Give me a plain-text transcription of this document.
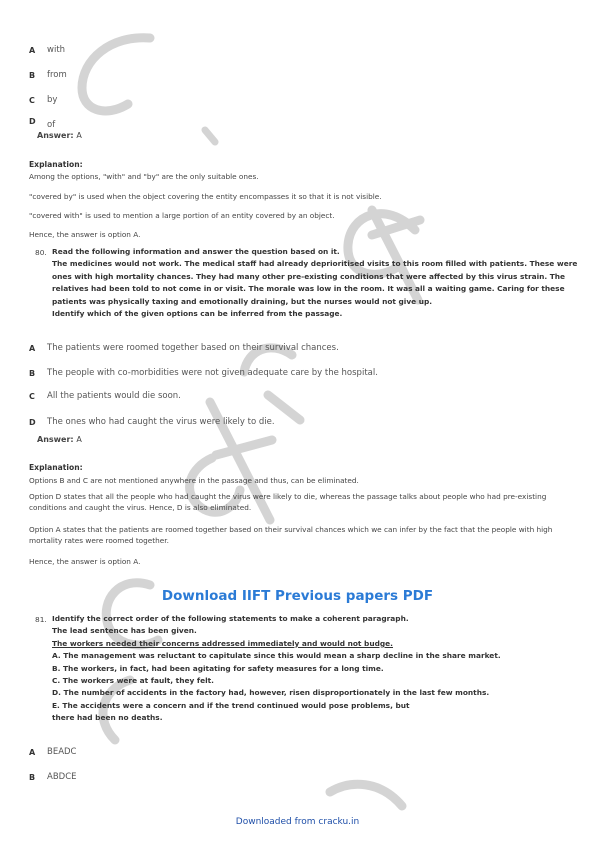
A with
B from
C by
D of
Answer: A
Explanation:
Among the options, "with" and "by" are the only suitable ones.
"covered by" is used when the object covering the entity encompasses it so that it is not visible.
"covered with" is used to mention a large portion of an entity covered by an object.
Hence, the answer is option A.
80. Read the following information and answer the question based on it.
The medicines would not work. The medical staff had already deprioritised visits to this room filled with patients. These were
ones with high mortality chances. They had many other pre-existing conditions that were affected by this virus strain. The
relatives had been told to not come in or visit. The morale was low in the room. It was all a waiting game. Caring for these
patients was physically taxing and emotionally draining, but the nurses would not give up.
Identify which of the given options can be inferred from the passage.
A The patients were roomed together based on their survival chances.
B The people with co-morbidities were not given adequate care by the hospital.
C All the patients would die soon.
D The ones who had caught the virus were likely to die.
Answer: A
Explanation:
Options B and C are not mentioned anywhere in the passage and thus, can be eliminated.
Option D states that all the people who had caught the virus were likely to die, whereas the passage talks about people who had pre-existing conditions and caught the virus. Hence, D is also eliminated.
Option A states that the patients are roomed together based on their survival chances which we can infer by the fact that the people with high mortality rates were roomed together.
Hence, the answer is option A.
Download IIFT Previous papers PDF
81. Identify the correct order of the following statements to make a coherent paragraph.
The lead sentence has been given.
The workers needed their concerns addressed immediately and would not budge.
A. The management was reluctant to capitulate since this would mean a sharp decline in the share market.
B. The workers, in fact, had been agitating for safety measures for a long time.
C. The workers were at fault, they felt.
D. The number of accidents in the factory had, however, risen disproportionately in the last few months.
E. The accidents were a concern and if the trend continued would pose problems, but
there had been no deaths.
A BEADC
B ABDCE
Downloaded from cracku.in
